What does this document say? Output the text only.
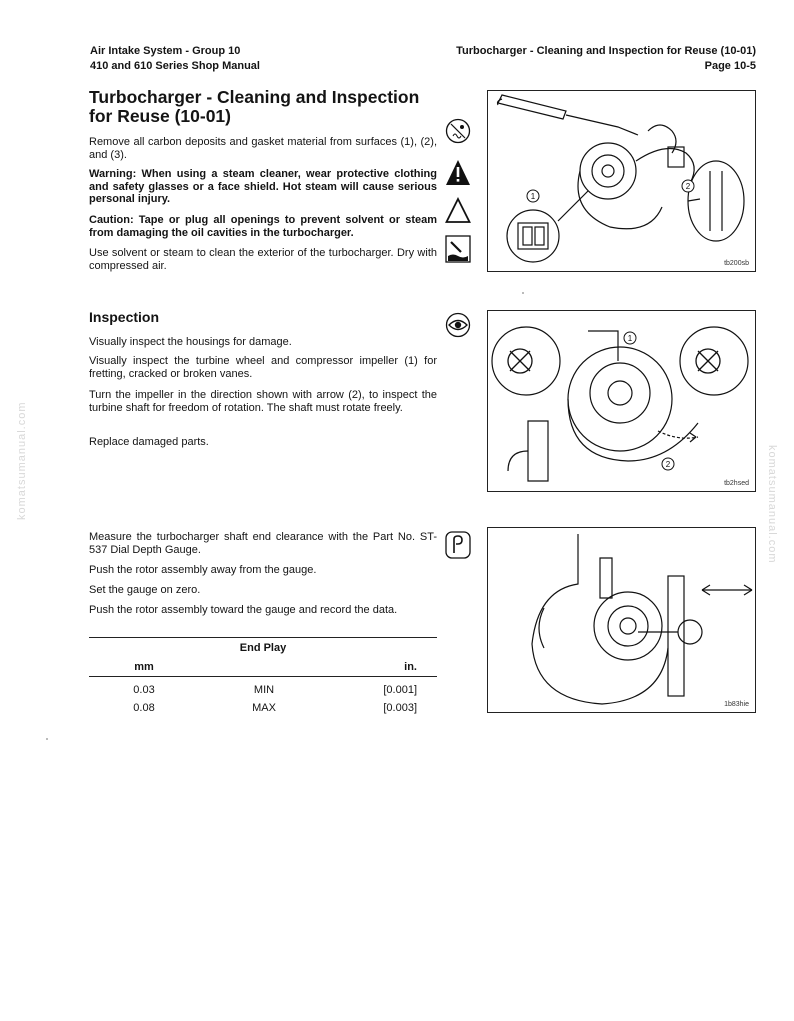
Air Intake System - Group 10
410 and 610 Series Shop Manual
Turbocharger - Cleaning and Inspection for Reuse (10-01)
Page 10-5
komatsumanual.com	komatsumanual.com
Turbocharger - Cleaning and Inspection for Reuse (10-01)

Remove all carbon deposits and gasket material from surfaces (1), (2), and (3).

Warning: When using a steam cleaner, wear protective clothing and safety glasses or a face shield. Hot steam will cause serious personal injury.

Caution: Tape or plug all openings to prevent solvent or steam from damaging the oil cavities in the turbocharger.

Use solvent or steam to clean the exterior of the turbocharger. Dry with compressed air.

1
2
tb200sb
Inspection

Visually inspect the housings for damage.

Visually inspect the turbine wheel and compressor impeller (1) for fretting, cracked or broken vanes.

Turn the impeller in the direction shown with arrow (2), to inspect the turbine shaft for freedom of rotation. The shaft must rotate freely.

Replace damaged parts.

1
2
tb2hsed

Measure the turbocharger shaft end clearance with the Part No. ST-537 Dial Depth Gauge.

Push the rotor assembly away from the gauge.

Set the gauge on zero.

Push the rotor assembly toward the gauge and record the data.

1b83hie
End Play		
mm		in.
0.03	MIN	[0.001]
0.08	MAX	[0.003]
